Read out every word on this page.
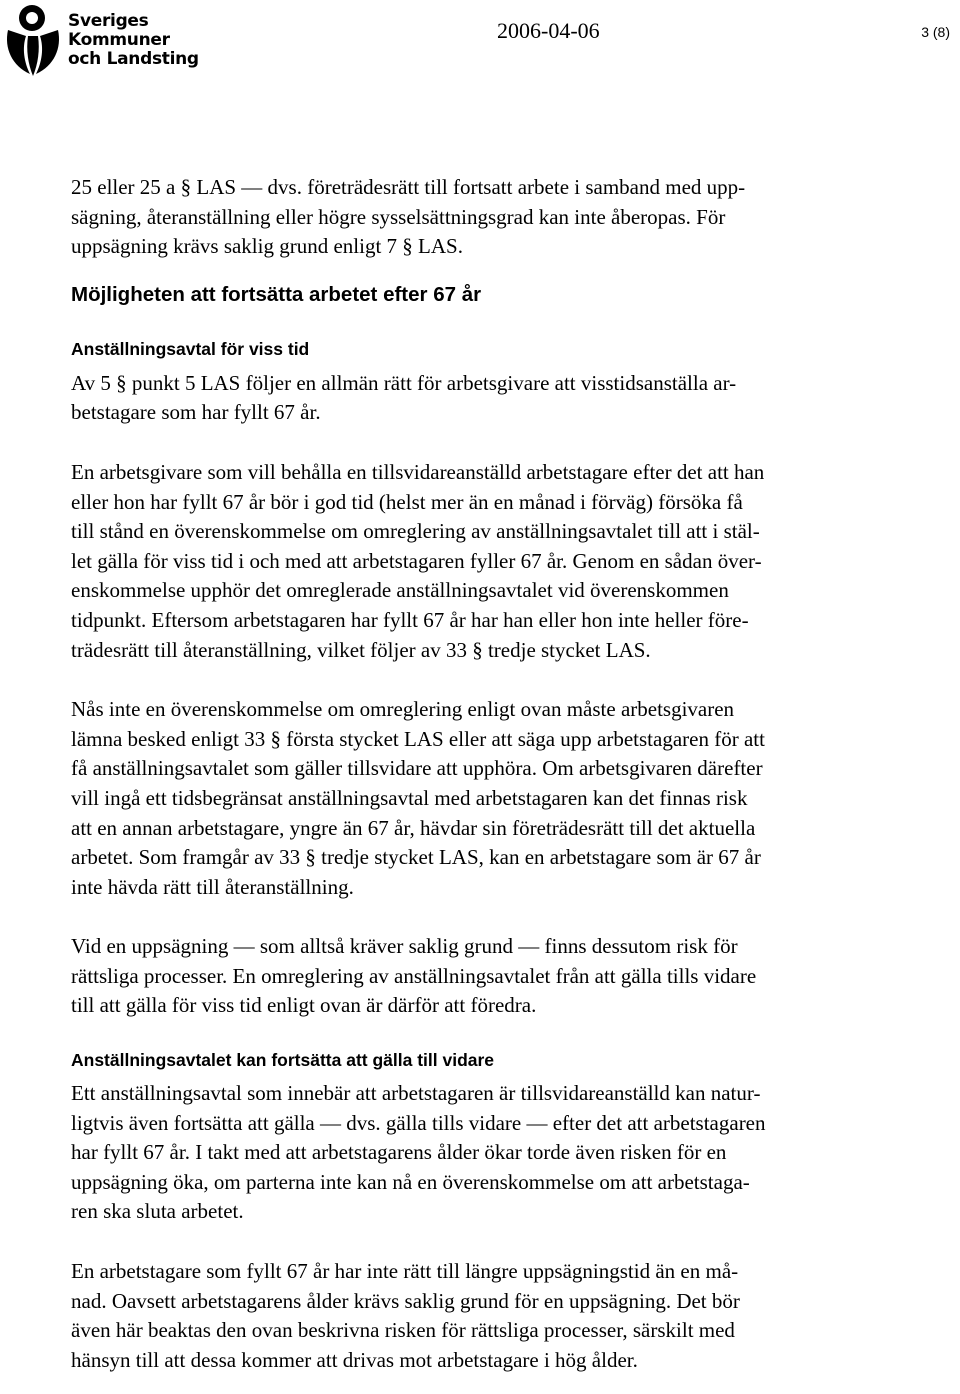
Sveriges
Kommuner
och Landsting
2006-04-06	3 (8)

25 eller 25 a § LAS — dvs. företrädesrätt till fortsatt arbete i samband med upp-
sägning, återanställning eller högre sysselsättningsgrad kan inte åberopas. För
uppsägning krävs saklig grund enligt 7 § LAS.

Möjligheten att fortsätta arbetet efter 67 år
Anställningsavtal för viss tid

Av 5 § punkt 5 LAS följer en allmän rätt för arbetsgivare att visstidsanställa ar-
betstagare som har fyllt 67 år.

En arbetsgivare som vill behålla en tillsvidareanställd arbetstagare efter det att han
eller hon har fyllt 67 år bör i god tid (helst mer än en månad i förväg) försöka få
till stånd en överenskommelse om omreglering av anställningsavtalet till att i stäl-
let gälla för viss tid i och med att arbetstagaren fyller 67 år. Genom en sådan över-
enskommelse upphör det omreglerade anställningsavtalet vid överenskommen
tidpunkt. Eftersom arbetstagaren har fyllt 67 år har han eller hon inte heller före-
trädesrätt till återanställning, vilket följer av 33 § tredje stycket LAS.

Nås inte en överenskommelse om omreglering enligt ovan måste arbetsgivaren
lämna besked enligt 33 § första stycket LAS eller att säga upp arbetstagaren för att
få anställningsavtalet som gäller tillsvidare att upphöra. Om arbetsgivaren därefter
vill ingå ett tidsbegränsat anställningsavtal med arbetstagaren kan det finnas risk
att en annan arbetstagare, yngre än 67 år, hävdar sin företrädesrätt till det aktuella
arbetet. Som framgår av 33 § tredje stycket LAS, kan en arbetstagare som är 67 år
inte hävda rätt till återanställning.

Vid en uppsägning — som alltså kräver saklig grund — finns dessutom risk för
rättsliga processer. En omreglering av anställningsavtalet från att gälla tills vidare
till att gälla för viss tid enligt ovan är därför att föredra.

Anställningsavtalet kan fortsätta att gälla till vidare

Ett anställningsavtal som innebär att arbetstagaren är tillsvidareanställd kan natur-
ligtvis även fortsätta att gälla — dvs. gälla tills vidare — efter det att arbetstagaren
har fyllt 67 år. I takt med att arbetstagarens ålder ökar torde även risken för en
uppsägning öka, om parterna inte kan nå en överenskommelse om att arbetstaga-
ren ska sluta arbetet.

En arbetstagare som fyllt 67 år har inte rätt till längre uppsägningstid än en må-
nad. Oavsett arbetstagarens ålder krävs saklig grund för en uppsägning. Det bör
även här beaktas den ovan beskrivna risken för rättsliga processer, särskilt med
hänsyn till att dessa kommer att drivas mot arbetstagare i hög ålder.
